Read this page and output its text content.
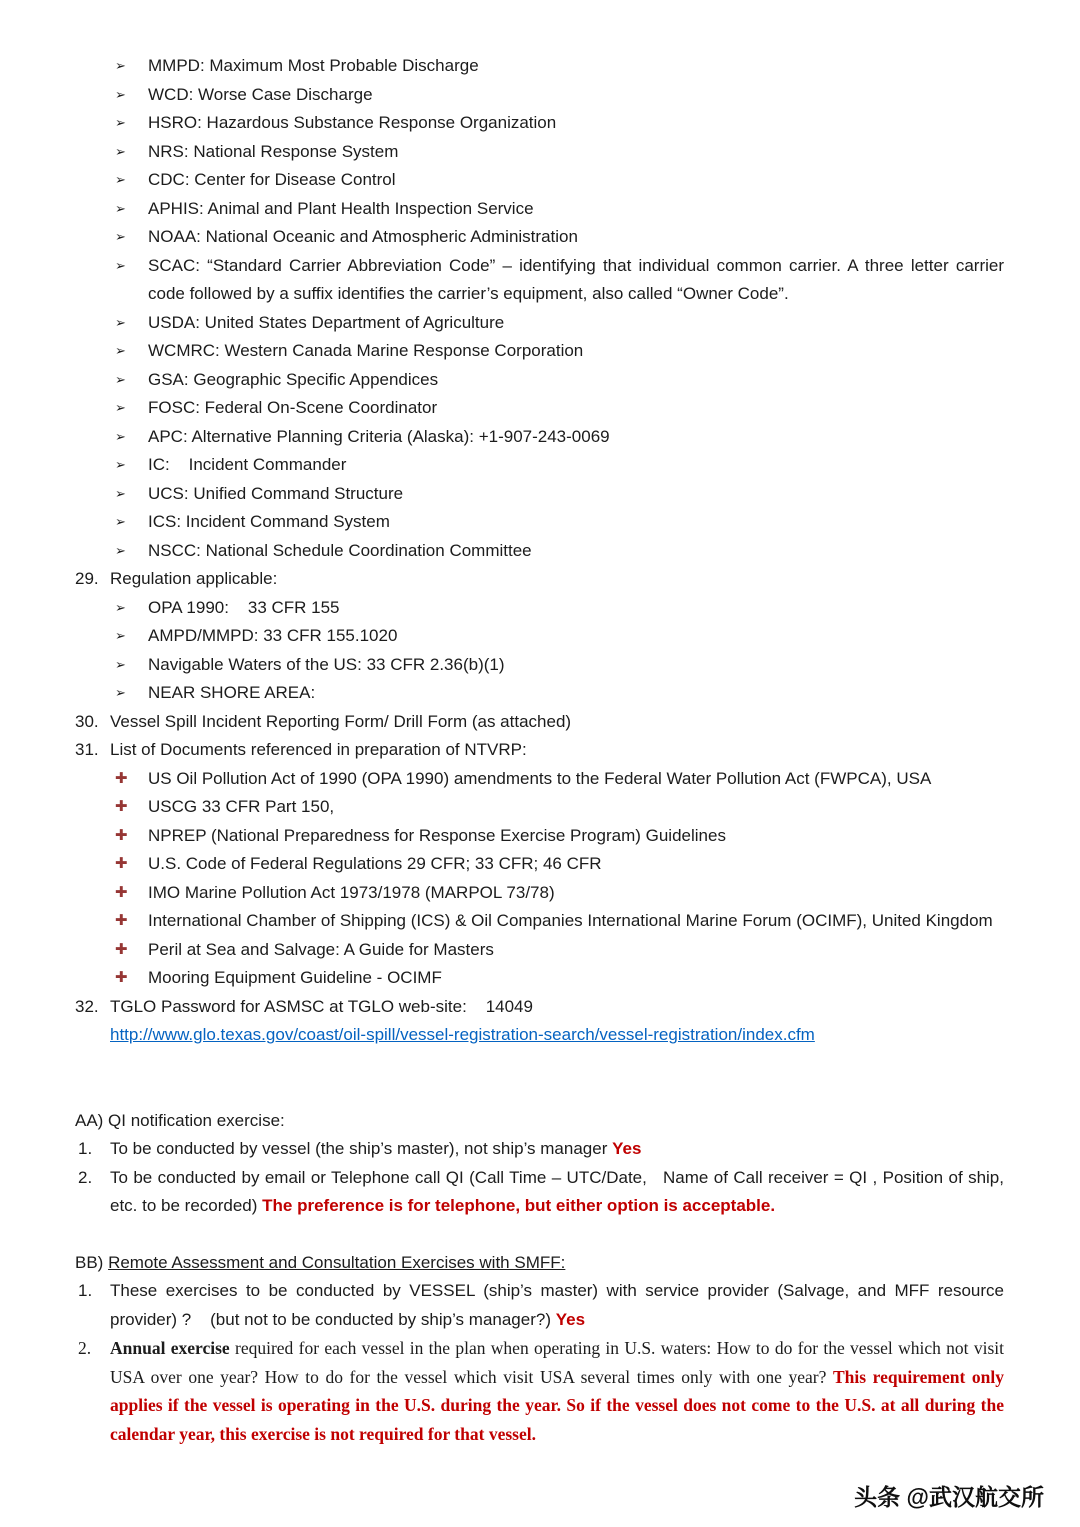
➢	MMPD: Maximum Most Probable Discharge
➢	WCD: Worse Case Discharge
➢	HSRO: Hazardous Substance Response Organization
➢	NRS: National Response System
➢	CDC: Center for Disease Control
➢	APHIS: Animal and Plant Health Inspection Service
➢	NOAA: National Oceanic and Atmospheric Administration
➢	SCAC: “Standard Carrier Abbreviation Code” – identifying that individual common carrier. A three letter carrier code followed by a suffix identifies the carrier’s equipment, also called “Owner Code”.
➢	USDA: United States Department of Agriculture
➢	WCMRC: Western Canada Marine Response Corporation
➢	GSA: Geographic Specific Appendices
➢	FOSC: Federal On-Scene Coordinator
➢	APC: Alternative Planning Criteria (Alaska): +1-907-243-0069
➢	IC:    Incident Commander
➢	UCS: Unified Command Structure
➢	ICS: Incident Command System
➢	NSCC: National Schedule Coordination Committee
29. Regulation applicable:
➢	OPA 1990:    33 CFR 155
➢	AMPD/MMPD: 33 CFR 155.1020
➢	Navigable Waters of the US: 33 CFR 2.36(b)(1)
➢	NEAR SHORE AREA:
30. Vessel Spill Incident Reporting Form/ Drill Form (as attached)
31. List of Documents referenced in preparation of NTVRP:
✚	US Oil Pollution Act of 1990 (OPA 1990) amendments to the Federal Water Pollution Act (FWPCA), USA
✚	USCG 33 CFR Part 150,
✚	NPREP (National Preparedness for Response Exercise Program) Guidelines
✚	U.S. Code of Federal Regulations 29 CFR; 33 CFR; 46 CFR
✚	IMO Marine Pollution Act 1973/1978 (MARPOL 73/78)
✚	International Chamber of Shipping (ICS) & Oil Companies International Marine Forum (OCIMF), United Kingdom
✚	Peril at Sea and Salvage: A Guide for Masters
✚	Mooring Equipment Guideline - OCIMF
32. TGLO Password for ASMSC at TGLO web-site:    14049
http://www.glo.texas.gov/coast/oil-spill/vessel-registration-search/vessel-registration/index.cfm

AA) QI notification exercise:

1.	To be conducted by vessel (the ship’s master), not ship’s manager Yes
2.	To be conducted by email or Telephone call QI (Call Time – UTC/Date,   Name of Call receiver = QI , Position of ship, etc. to be recorded) The preference is for telephone, but either option is acceptable.

BB) Remote Assessment and Consultation Exercises with SMFF:

1.	These exercises to be conducted by VESSEL (ship’s master) with service provider (Salvage, and MFF resource provider) ?    (but not to be conducted by ship’s manager?) Yes
2.	Annual exercise required for each vessel in the plan when operating in U.S. waters: How to do for the vessel which not visit USA over one year? How to do for the vessel which visit USA several times only with one year? This requirement only applies if the vessel is operating in the U.S. during the year. So if the vessel does not come to the U.S. at all during the calendar year, this exercise is not required for that vessel.
头条 @武汉航交所
